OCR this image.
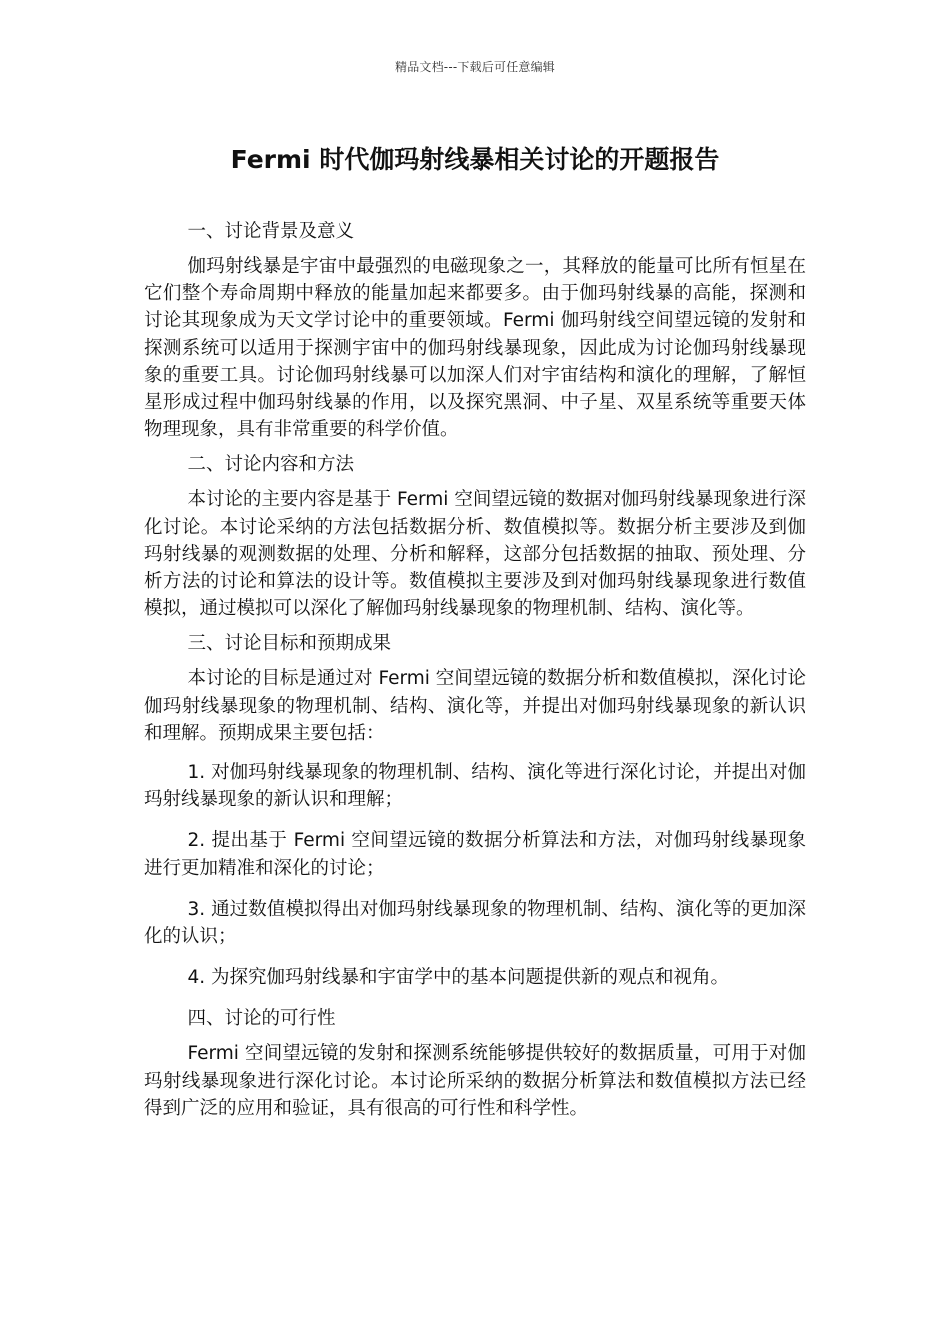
精品文档---下载后可任意编辑
Fermi 时代伽玛射线暴相关讨论的开题报告
一、讨论背景及意义

伽玛射线暴是宇宙中最强烈的电磁现象之一，其释放的能量可比所有恒星在它们整个寿命周期中释放的能量加起来都要多。由于伽玛射线暴的高能，探测和讨论其现象成为天文学讨论中的重要领域。Fermi 伽玛射线空间望远镜的发射和探测系统可以适用于探测宇宙中的伽玛射线暴现象，因此成为讨论伽玛射线暴现象的重要工具。讨论伽玛射线暴可以加深人们对宇宙结构和演化的理解，了解恒星形成过程中伽玛射线暴的作用，以及探究黑洞、中子星、双星系统等重要天体物理现象，具有非常重要的科学价值。

二、讨论内容和方法

本讨论的主要内容是基于 Fermi 空间望远镜的数据对伽玛射线暴现象进行深化讨论。本讨论采纳的方法包括数据分析、数值模拟等。数据分析主要涉及到伽玛射线暴的观测数据的处理、分析和解释，这部分包括数据的抽取、预处理、分析方法的讨论和算法的设计等。数值模拟主要涉及到对伽玛射线暴现象进行数值模拟，通过模拟可以深化了解伽玛射线暴现象的物理机制、结构、演化等。

三、讨论目标和预期成果

本讨论的目标是通过对 Fermi 空间望远镜的数据分析和数值模拟，深化讨论伽玛射线暴现象的物理机制、结构、演化等，并提出对伽玛射线暴现象的新认识和理解。预期成果主要包括：

1. 对伽玛射线暴现象的物理机制、结构、演化等进行深化讨论，并提出对伽玛射线暴现象的新认识和理解；

2. 提出基于 Fermi 空间望远镜的数据分析算法和方法，对伽玛射线暴现象进行更加精准和深化的讨论；

3. 通过数值模拟得出对伽玛射线暴现象的物理机制、结构、演化等的更加深化的认识；

4. 为探究伽玛射线暴和宇宙学中的基本问题提供新的观点和视角。

四、讨论的可行性

Fermi 空间望远镜的发射和探测系统能够提供较好的数据质量，可用于对伽玛射线暴现象进行深化讨论。本讨论所采纳的数据分析算法和数值模拟方法已经得到广泛的应用和验证，具有很高的可行性和科学性。
